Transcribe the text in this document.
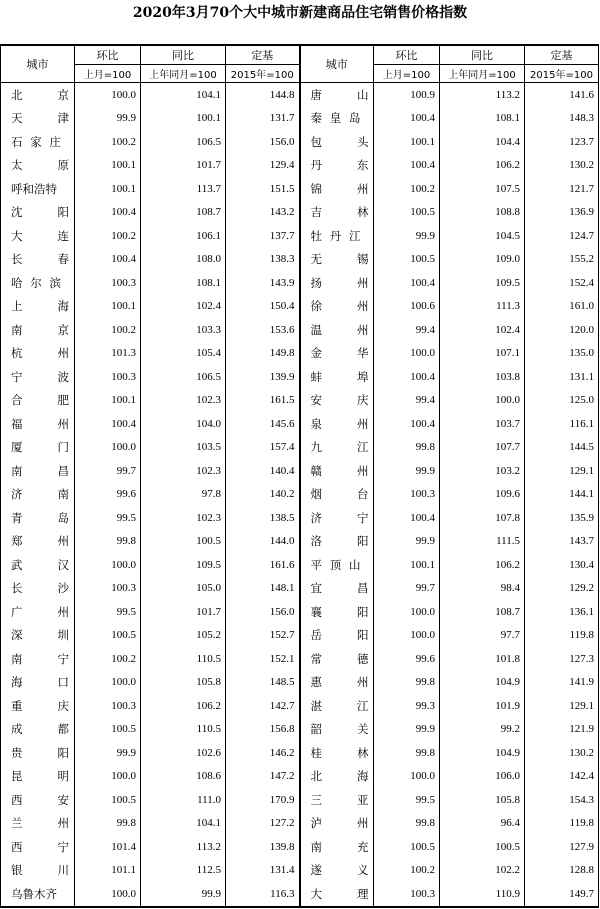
2020年3月70个大中城市新建商品住宅销售价格指数
城市	环比	同比	定基	城市	环比	同比	定基
	上月=100	上年同月=100	2015年=100		上月=100	上年同月=100	2015年=100
北京	100.0	104.1	144.8	唐山	100.9	113.2	141.6
天津	99.9	100.1	131.7	秦皇岛	100.4	108.1	148.3
石家庄	100.2	106.5	156.0	包头	100.1	104.4	123.7
太原	100.1	101.7	129.4	丹东	100.4	106.2	130.2
呼和浩特	100.1	113.7	151.5	锦州	100.2	107.5	121.7
沈阳	100.4	108.7	143.2	吉林	100.5	108.8	136.9
大连	100.2	106.1	137.7	牡丹江	99.9	104.5	124.7
长春	100.4	108.0	138.3	无锡	100.5	109.0	155.2
哈尔滨	100.3	108.1	143.9	扬州	100.4	109.5	152.4
上海	100.1	102.4	150.4	徐州	100.6	111.3	161.0
南京	100.2	103.3	153.6	温州	99.4	102.4	120.0
杭州	101.3	105.4	149.8	金华	100.0	107.1	135.0
宁波	100.3	106.5	139.9	蚌埠	100.4	103.8	131.1
合肥	100.1	102.3	161.5	安庆	99.4	100.0	125.0
福州	100.4	104.0	145.6	泉州	100.4	103.7	116.1
厦门	100.0	103.5	157.4	九江	99.8	107.7	144.5
南昌	99.7	102.3	140.4	赣州	99.9	103.2	129.1
济南	99.6	97.8	140.2	烟台	100.3	109.6	144.1
青岛	99.5	102.3	138.5	济宁	100.4	107.8	135.9
郑州	99.8	100.5	144.0	洛阳	99.9	111.5	143.7
武汉	100.0	109.5	161.6	平顶山	100.1	106.2	130.4
长沙	100.3	105.0	148.1	宜昌	99.7	98.4	129.2
广州	99.5	101.7	156.0	襄阳	100.0	108.7	136.1
深圳	100.5	105.2	152.7	岳阳	100.0	97.7	119.8
南宁	100.2	110.5	152.1	常德	99.6	101.8	127.3
海口	100.0	105.8	148.5	惠州	99.8	104.9	141.9
重庆	100.3	106.2	142.7	湛江	99.3	101.9	129.1
成都	100.5	110.5	156.8	韶关	99.9	99.2	121.9
贵阳	99.9	102.6	146.2	桂林	99.8	104.9	130.2
昆明	100.0	108.6	147.2	北海	100.0	106.0	142.4
西安	100.5	111.0	170.9	三亚	99.5	105.8	154.3
兰州	99.8	104.1	127.2	泸州	99.8	96.4	119.8
西宁	101.4	113.2	139.8	南充	100.5	100.5	127.9
银川	101.1	112.5	131.4	遂义	100.2	102.2	128.8
乌鲁木齐	100.0	99.9	116.3	大理	100.3	110.9	149.7
